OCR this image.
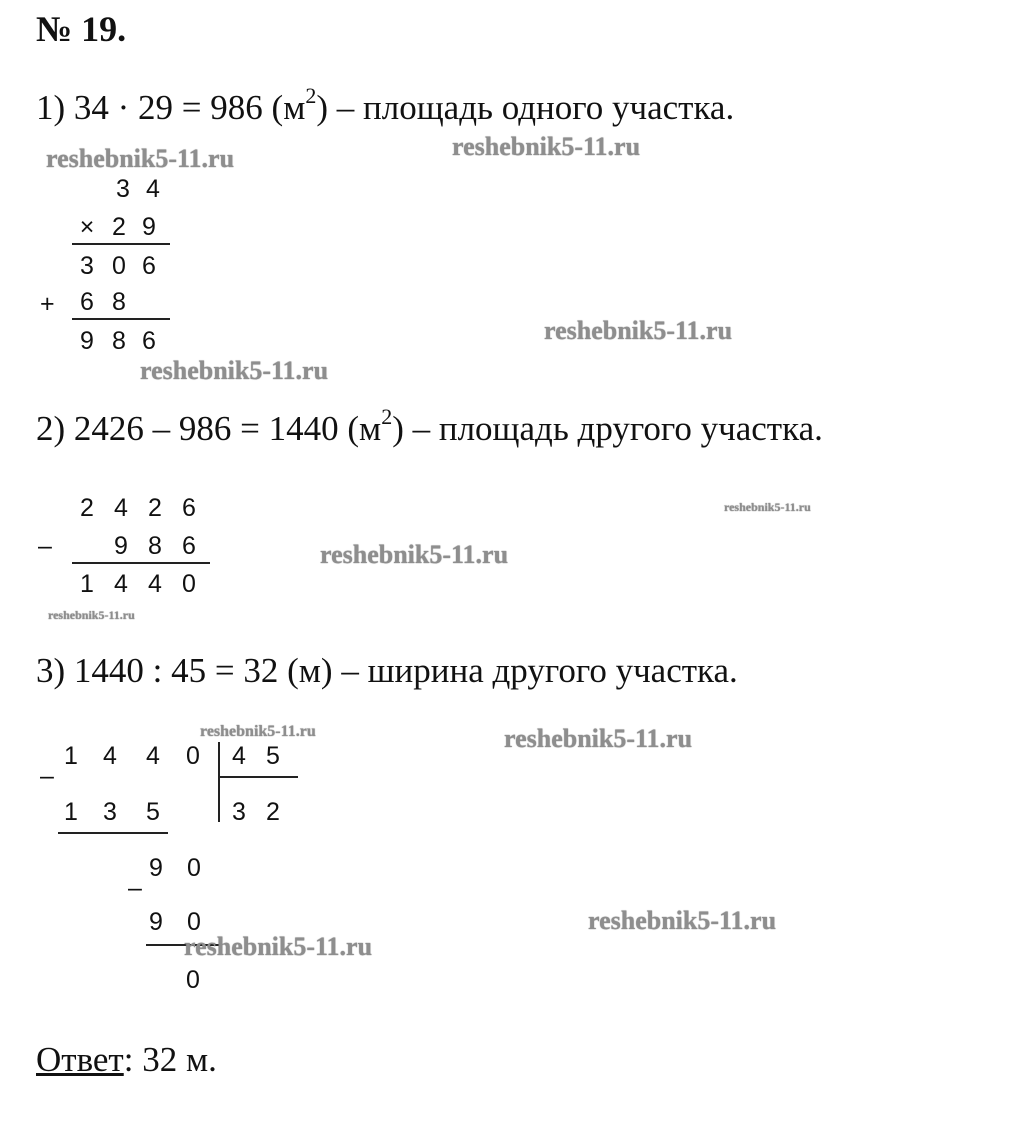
№ 19.
1) 34 · 29 = 986 $(м^2)$ – площадь одного участка.
3 4
× 2 9
3 0 6
+	6 8
9 8 6
2) 2426 – 986 = 1440 $(м^2)$ – площадь другого участка.
2 4 2 6
–	9 8 6
1 4 4 0
3) 1440 : 45 = 32 (м) – ширина другого участка.
1 4 4 0	4 5
–
1 3 5	3 2
9 0
–
9 0
0
Ответ: 32 м.
reshebnik5-11.ru	reshebnik5-11.ru
reshebnik5-11.ru
reshebnik5-11.ru
reshebnik5-11.ru
reshebnik5-11.ru
reshebnik5-11.ru
reshebnik5-11.ru	reshebnik5-11.ru
reshebnik5-11.ru
reshebnik5-11.ru
